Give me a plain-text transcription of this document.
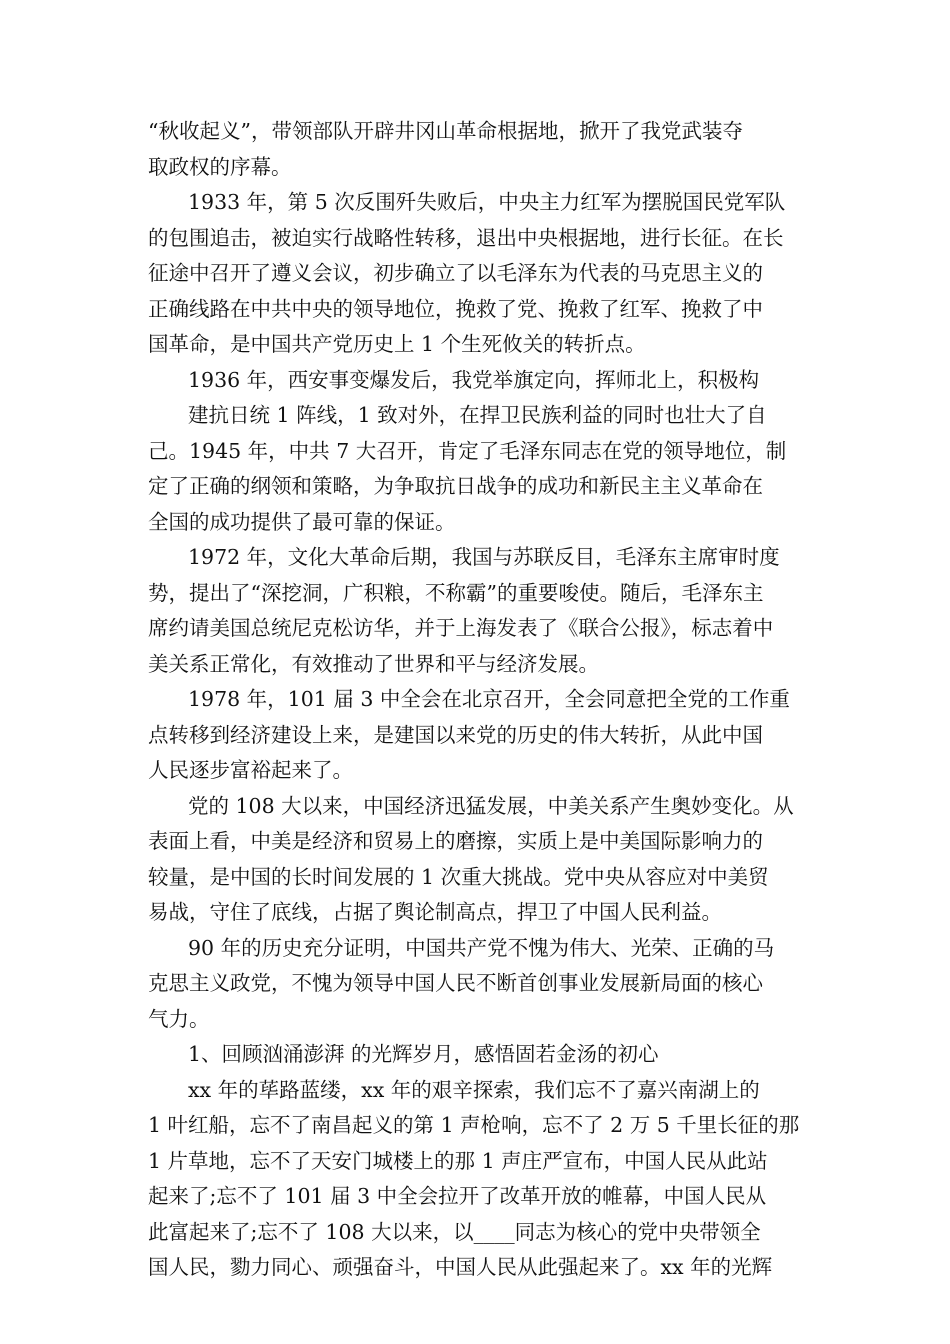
“秋收起义”，带领部队开辟井冈山革命根据地，掀开了我党武装夺
取政权的序幕。
1933 年，第 5 次反围歼失败后，中央主力红军为摆脱国民党军队
的包围追击，被迫实行战略性转移，退出中央根据地，进行长征。在长
征途中召开了遵义会议，初步确立了以毛泽东为代表的马克思主义的
正确线路在中共中央的领导地位，挽救了党、挽救了红军、挽救了中
国革命，是中国共产党历史上 1 个生死攸关的转折点。
1936 年，西安事变爆发后，我党举旗定向，挥师北上，积极构
建抗日统 1 阵线，1 致对外，在捍卫民族利益的同时也壮大了自
己。1945 年，中共 7 大召开，肯定了毛泽东同志在党的领导地位，制
定了正确的纲领和策略，为争取抗日战争的成功和新民主主义革命在
全国的成功提供了最可靠的保证。
1972 年，文化大革命后期，我国与苏联反目，毛泽东主席审时度
势，提出了“深挖洞，广积粮，不称霸”的重要唆使。随后，毛泽东主
席约请美国总统尼克松访华，并于上海发表了《联合公报》，标志着中
美关系正常化，有效推动了世界和平与经济发展。
1978 年，101 届 3 中全会在北京召开，全会同意把全党的工作重
点转移到经济建设上来，是建国以来党的历史的伟大转折，从此中国
人民逐步富裕起来了。
党的 108 大以来，中国经济迅猛发展，中美关系产生奥妙变化。从
表面上看，中美是经济和贸易上的磨擦，实质上是中美国际影响力的
较量，是中国的长时间发展的 1 次重大挑战。党中央从容应对中美贸
易战，守住了底线，占据了舆论制高点，捍卫了中国人民利益。
90 年的历史充分证明，中国共产党不愧为伟大、光荣、正确的马
克思主义政党，不愧为领导中国人民不断首创事业发展新局面的核心
气力。
1、回顾汹涌澎湃 的光辉岁月，感悟固若金汤的初心
xx 年的荜路蓝缕，xx 年的艰辛探索，我们忘不了嘉兴南湖上的
1 叶红船，忘不了南昌起义的第 1 声枪响，忘不了 2 万 5 千里长征的那
1 片草地，忘不了天安门城楼上的那 1 声庄严宣布，中国人民从此站
起来了;忘不了 101 届 3 中全会拉开了改革开放的帷幕，中国人民从
此富起来了;忘不了 108 大以来，以____同志为核心的党中央带领全
国人民，勠力同心、顽强奋斗，中国人民从此强起来了。xx 年的光辉
